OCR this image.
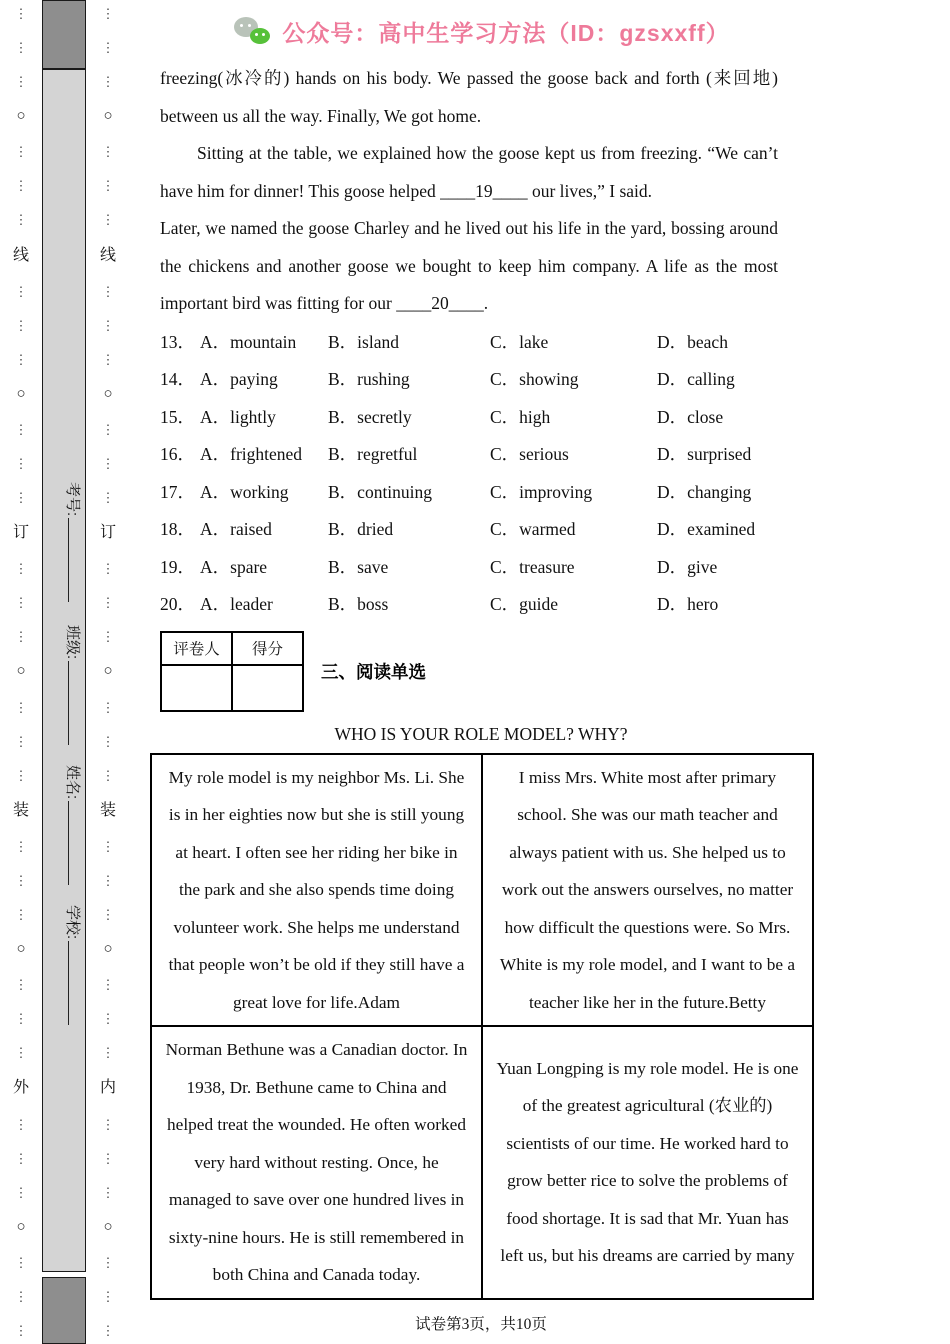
⋮
⋮
⋮
○
⋮
⋮
⋮
线
⋮
⋮
⋮
○
⋮
⋮
⋮
订
⋮
⋮
⋮
○
⋮
⋮
⋮
装
⋮
⋮
⋮
○
⋮
⋮
⋮
外
⋮
⋮
⋮
○
⋮
⋮
⋮
考号:
班级:
姓名:
学校:
⋮
⋮
⋮
○
⋮
⋮
⋮
线
⋮
⋮
⋮
○
⋮
⋮
⋮
订
⋮
⋮
⋮
○
⋮
⋮
⋮
装
⋮
⋮
⋮
○
⋮
⋮
⋮
内
⋮
⋮
⋮
○
⋮
⋮
⋮
公众号：高中生学习方法（ID：gzsxxff）

freezing(冰冷的) hands on his body. We passed the goose back and forth (来回地) between us all the way. Finally, We got home.

Sitting at the table, we explained how the goose kept us from freezing. “We can’t have him for dinner! This goose helped ____19____ our lives,” I said.

Later, we named the goose Charley and he lived out his life in the yard, bossing around the chickens and another goose we bought to keep him company. A life as the most important bird was fitting for our ____20____.

13． A．mountain	B．island	C．lake	D．beach
14． A．paying	B．rushing	C．showing	D．calling
15． A．lightly	B．secretly	C．high	D．close
16． A．frightened	B．regretful	C．serious	D．surprised
17． A．working	B．continuing	C．improving	D．changing
18． A．raised	B．dried	C．warmed	D．examined
19． A．spare	B．save	C．treasure	D．give
20． A．leader	B．boss	C．guide	D．hero
评卷人	得分

三、阅读单选
WHO IS YOUR ROLE MODEL? WHY?
My role model is my neighbor Ms. Li. She is in her eighties now but she is still young at heart. I often see her riding her bike in the park and she also spends time doing volunteer work. She helps me understand that people won’t be old if they still have a great love for life.Adam	I miss Mrs. White most after primary school. She was our math teacher and always patient with us. She helped us to work out the answers ourselves, no matter how difficult the questions were. So Mrs. White is my role model, and I want to be a teacher like her in the future.Betty
Norman Bethune was a Canadian doctor. In 1938, Dr. Bethune came to China and helped treat the wounded. He often worked very hard without resting. Once, he managed to save over one hundred lives in sixty-nine hours. He is still remembered in both China and Canada today.	Yuan Longping is my role model. He is one of the greatest agricultural (农业的) scientists of our time. He worked hard to grow better rice to solve the problems of food shortage. It is sad that Mr. Yuan has left us, but his dreams are carried by many
试卷第3页，共10页
